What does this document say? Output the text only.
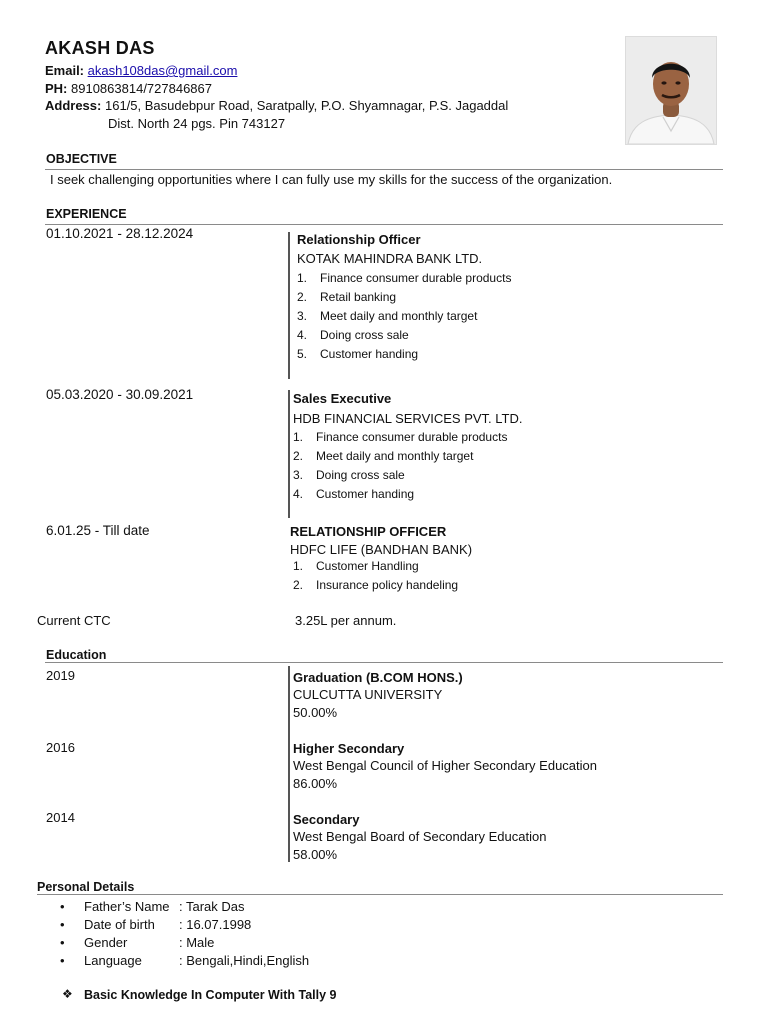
AKASH DAS
Email: akash108das@gmail.com
PH: 8910863814/727846867
Address: 161/5, Basudebpur Road, Saratpally, P.O. Shyamnagar, P.S. Jagaddal
Dist. North 24 pgs. Pin 743127
OBJECTIVE
I seek challenging opportunities where I can fully use my skills for the success of the organization.
EXPERIENCE
01.10.2021 - 28.12.2024	Relationship Officer
KOTAK MAHINDRA BANK LTD.
1. Finance consumer durable products
2. Retail banking
3. Meet daily and monthly target
4. Doing cross sale
5. Customer handing
05.03.2020 - 30.09.2021	Sales Executive
HDB FINANCIAL SERVICES PVT. LTD.
1. Finance consumer durable products
2. Meet daily and monthly target
3. Doing cross sale
4. Customer handing
6.01.25 - Till date	RELATIONSHIP OFFICER
HDFC LIFE (BANDHAN BANK)
1. Customer Handling
2. Insurance policy handeling
Current CTC	3.25L per annum.
Education
2019	Graduation (B.COM HONS.)
CULCUTTA UNIVERSITY
50.00%
2016	Higher Secondary
West Bengal Council of Higher Secondary Education
86.00%
2014	Secondary
West Bengal Board of Secondary Education
58.00%
Personal Details
• Father’s Name : Tarak Das
• Date of birth : 16.07.1998
• Gender	: Male
• Language	: Bengali,Hindi,English
❖ Basic Knowledge In Computer With Tally 9
